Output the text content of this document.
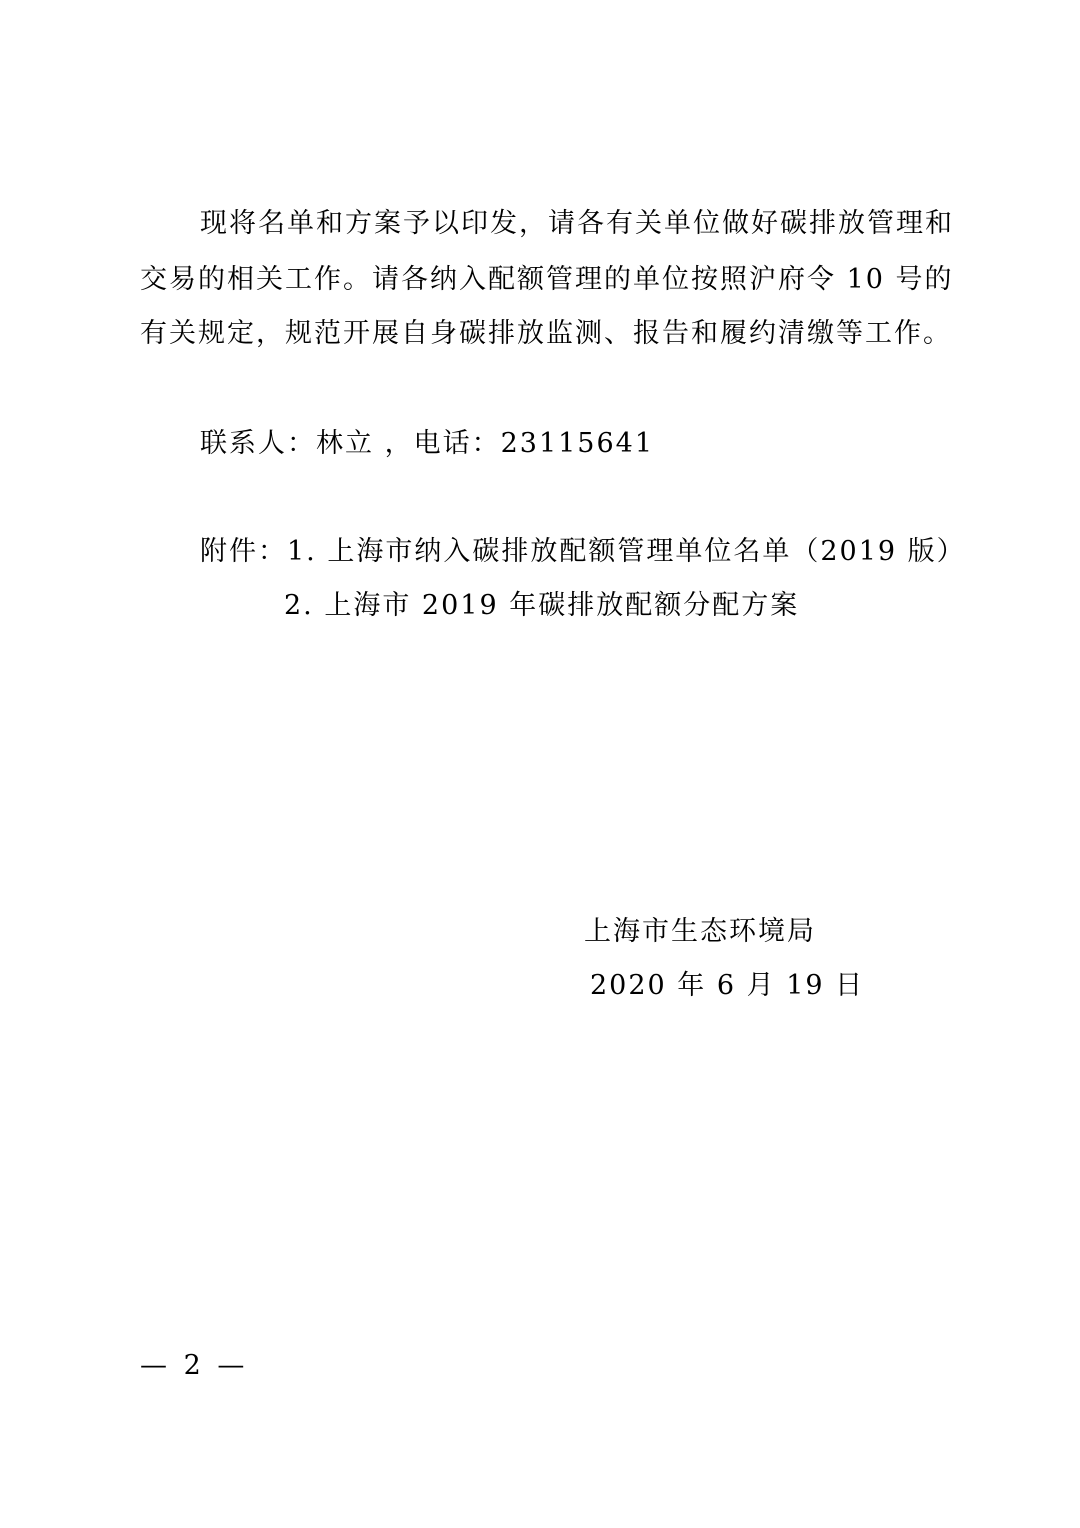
现将名单和方案予以印发，请各有关单位做好碳排放管理和
交易的相关工作。请各纳入配额管理的单位按照沪府令 10 号的
有关规定，规范开展自身碳排放监测、报告和履约清缴等工作。
联系人：林立 ，电话：23115641
附件：1. 上海市纳入碳排放配额管理单位名单（2019 版）
2. 上海市 2019 年碳排放配额分配方案
上海市生态环境局
2020 年 6 月 19 日
— 2 —
